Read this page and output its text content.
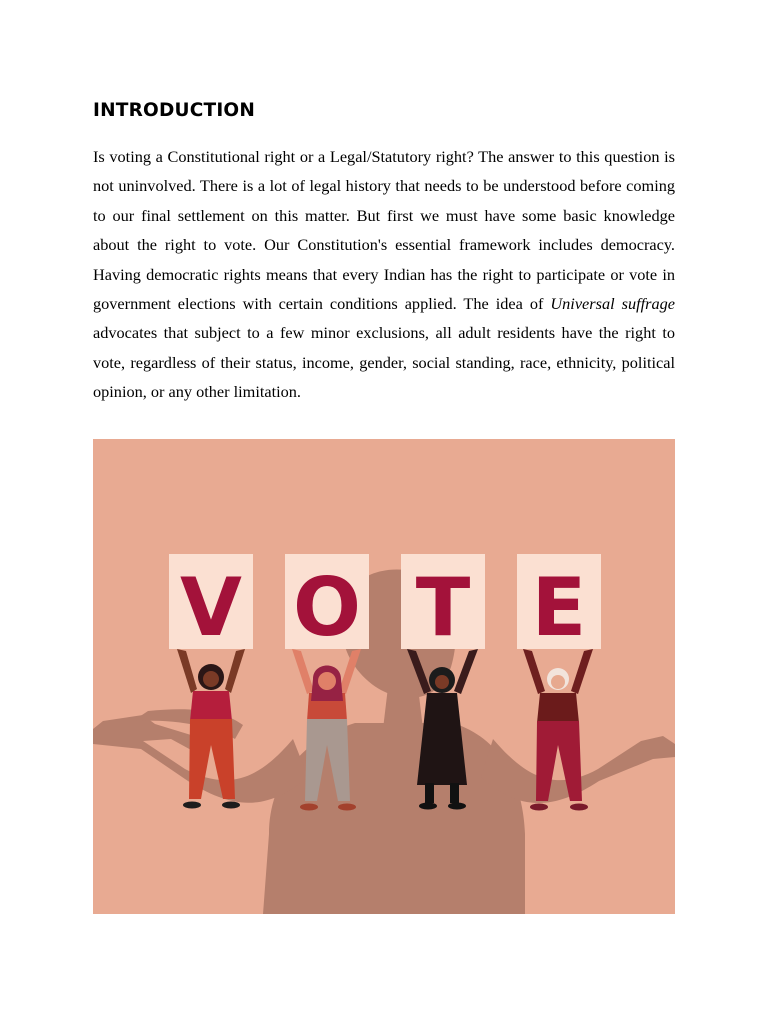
INTRODUCTION

Is voting a Constitutional right or a Legal/Statutory right? The answer to this question is not uninvolved. There is a lot of legal history that needs to be understood before coming to our final settlement on this matter. But first we must have some basic knowledge about the right to vote. Our Constitution's essential framework includes democracy. Having democratic rights means that every Indian has the right to participate or vote in government elections with certain conditions applied. The idea of Universal suffrage advocates that subject to a few minor exclusions, all adult residents have the right to vote, regardless of their status, income, gender, social standing, race, ethnicity, political opinion, or any other limitation.

V O T E
